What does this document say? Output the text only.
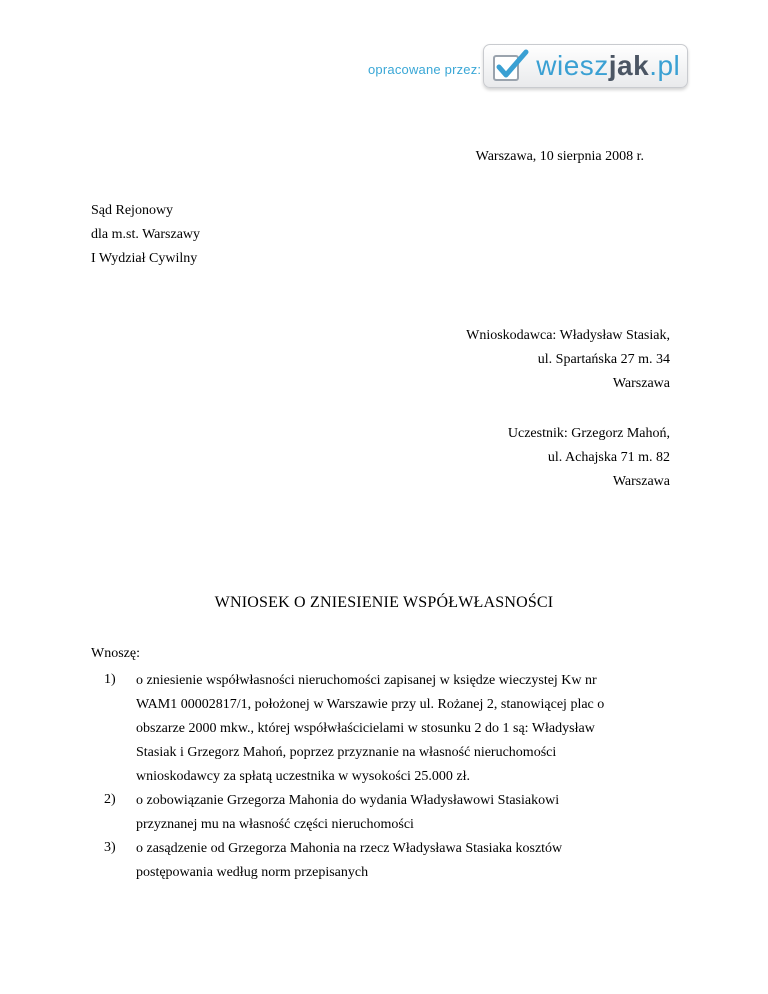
opracowane przez: wiesz jak .pl
Warszawa, 10 sierpnia 2008 r.
Sąd Rejonowy
dla m.st. Warszawy
I Wydział Cywilny
Wnioskodawca: Władysław Stasiak,
ul. Spartańska 27 m. 34
Warszawa
Uczestnik: Grzegorz Mahoń,
ul. Achajska 71 m. 82
Warszawa
WNIOSEK O ZNIESIENIE WSPÓŁWŁASNOŚCI
Wnoszę:
1) o zniesienie współwłasności nieruchomości zapisanej w księdze wieczystej Kw nr
WAM1 00002817/1, położonej w Warszawie przy ul. Rożanej 2, stanowiącej plac o
obszarze 2000 mkw., której współwłaścicielami w stosunku 2 do 1 są: Władysław
Stasiak i Grzegorz Mahoń, poprzez przyznanie na własność nieruchomości
wnioskodawcy za spłatą uczestnika w wysokości 25.000 zł.
2) o zobowiązanie Grzegorza Mahonia do wydania Władysławowi Stasiakowi
przyznanej mu na własność części nieruchomości
3) o zasądzenie od Grzegorza Mahonia na rzecz Władysława Stasiaka kosztów
postępowania według norm przepisanych
